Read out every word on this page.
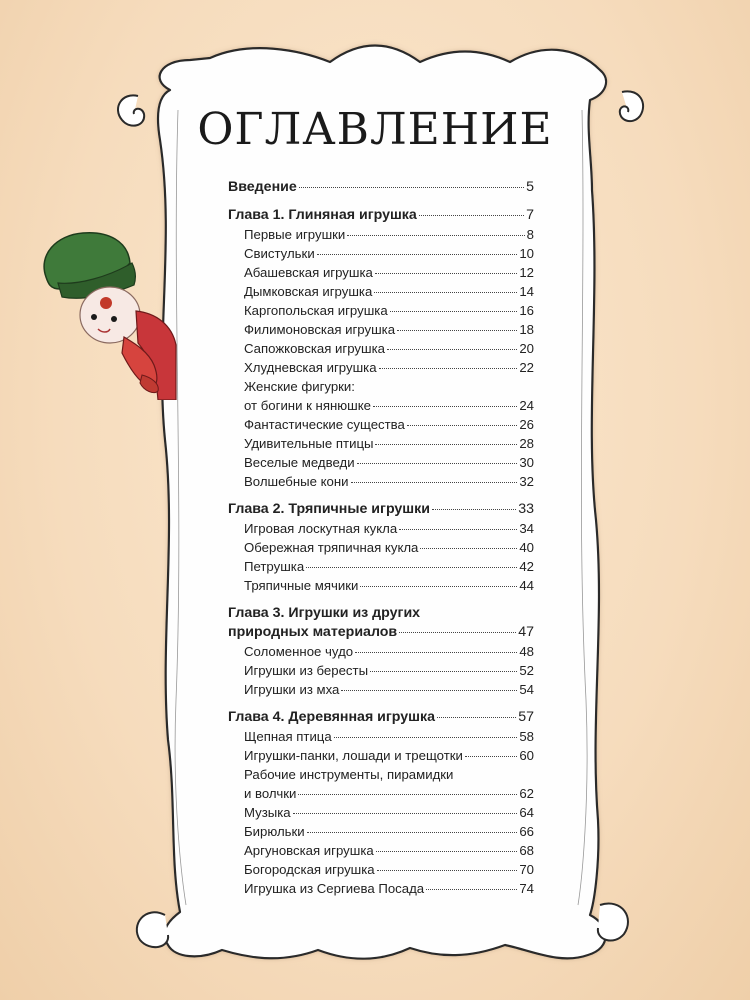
ОГЛАВЛЕНИЕ
Введение	5
Глава 1. Глиняная игрушка	7
Первые игрушки	8
Свистульки	10
Абашевская игрушка	12
Дымковская игрушка	14
Каргопольская игрушка	16
Филимоновская игрушка	18
Сапожковская игрушка	20
Хлудневская игрушка	22
Женские фигурки:
от богини к нянюшке	24
Фантастические существа	26
Удивительные птицы	28
Веселые медведи	30
Волшебные кони	32
Глава 2. Тряпичные игрушки	33
Игровая лоскутная кукла	34
Обережная тряпичная кукла	40
Петрушка	42
Тряпичные мячики	44
Глава 3. Игрушки из других
природных материалов	47
Соломенное чудо	48
Игрушки из бересты	52
Игрушки из мха	54
Глава 4. Деревянная игрушка	57
Щепная птица	58
Игрушки-панки, лошади и трещотки	60
Рабочие инструменты, пирамидки
и волчки	62
Музыка	64
Бирюльки	66
Аргуновская игрушка	68
Богородская игрушка	70
Игрушка из Сергиева Посада	74
